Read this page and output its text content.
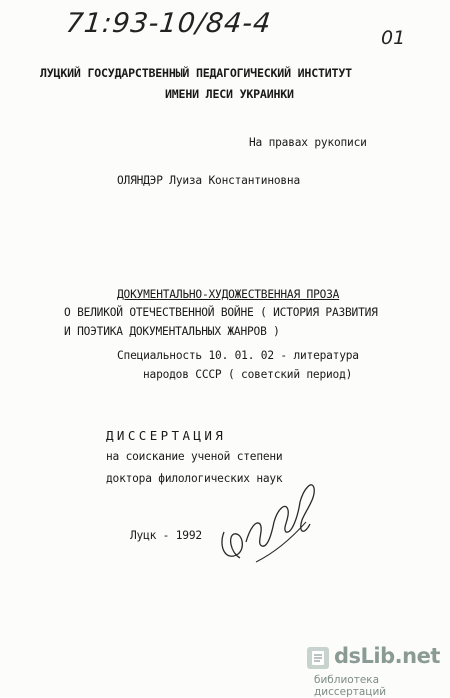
71:93-10/84-4	01
ЛУЦКИЙ ГОСУДАРСТВЕННЫЙ ПЕДАГОГИЧЕСКИЙ ИНСТИТУТ
ИМЕНИ ЛЕСИ УКРАИНКИ
На правах рукописи
ОЛЯНДЭР Луиза Константиновна
ДОКУМЕНТАЛЬНО-ХУДОЖЕСТВЕННАЯ ПРОЗА
О ВЕЛИКОЙ ОТЕЧЕСТВЕННОЙ ВОЙНЕ ( ИСТОРИЯ РАЗВИТИЯ
И ПОЭТИКА ДОКУМЕНТАЛЬНЫХ ЖАНРОВ )
Специальность 10. 01. 02 - литература
народов СССР ( советский период)
ДИССЕРТАЦИЯ
на соискание ученой степени
доктора филологических наук
Луцк - 1992
dsLib.net
библиотека диссертаций
